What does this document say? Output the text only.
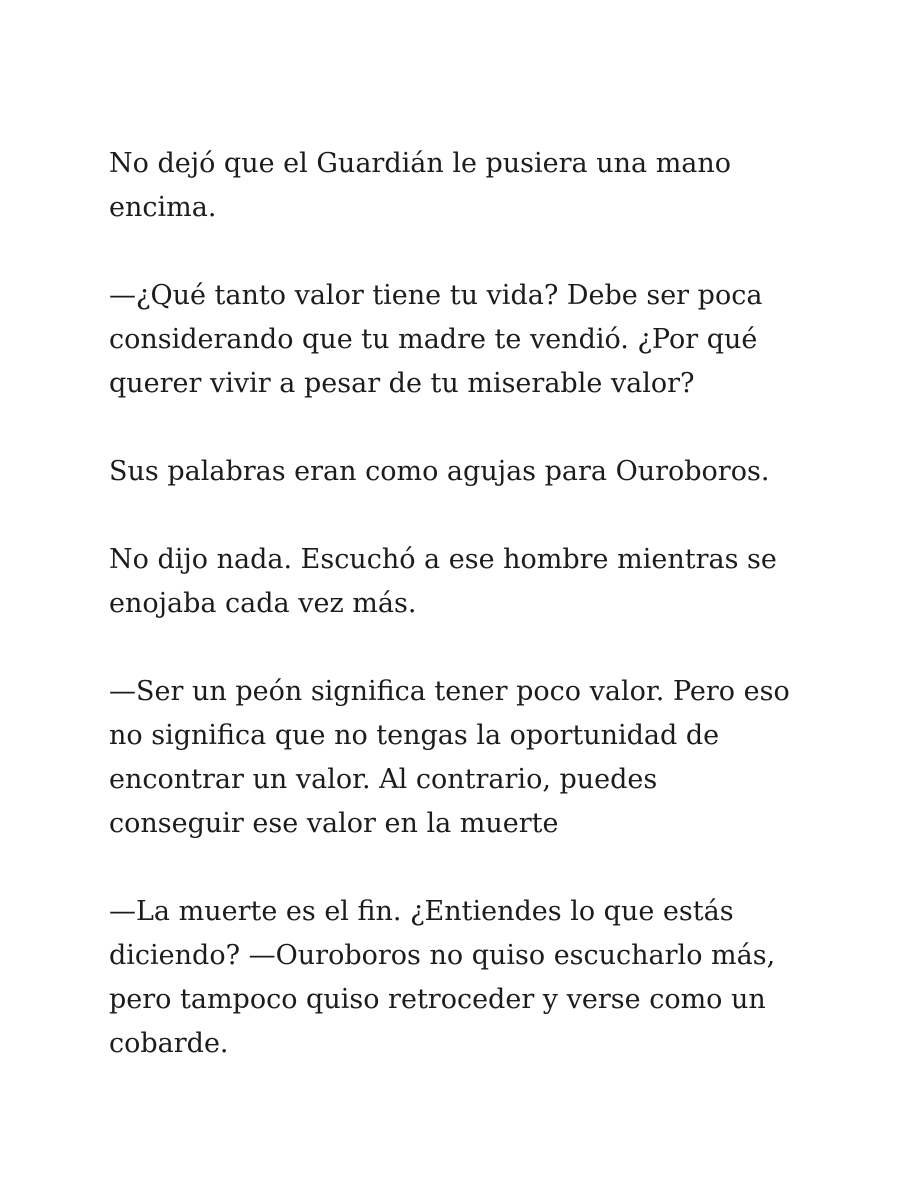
No dejó que el Guardián le pusiera una mano encima.

—¿Qué tanto valor tiene tu vida? Debe ser poca considerando que tu madre te vendió. ¿Por qué querer vivir a pesar de tu miserable valor?

Sus palabras eran como agujas para Ouroboros.

No dijo nada. Escuchó a ese hombre mientras se enojaba cada vez más.

—Ser un peón significa tener poco valor. Pero eso no significa que no tengas la oportunidad de encontrar un valor. Al contrario, puedes conseguir ese valor en la muerte

—La muerte es el fin. ¿Entiendes lo que estás diciendo? —Ouroboros no quiso escucharlo más, pero tampoco quiso retroceder y verse como un cobarde.
